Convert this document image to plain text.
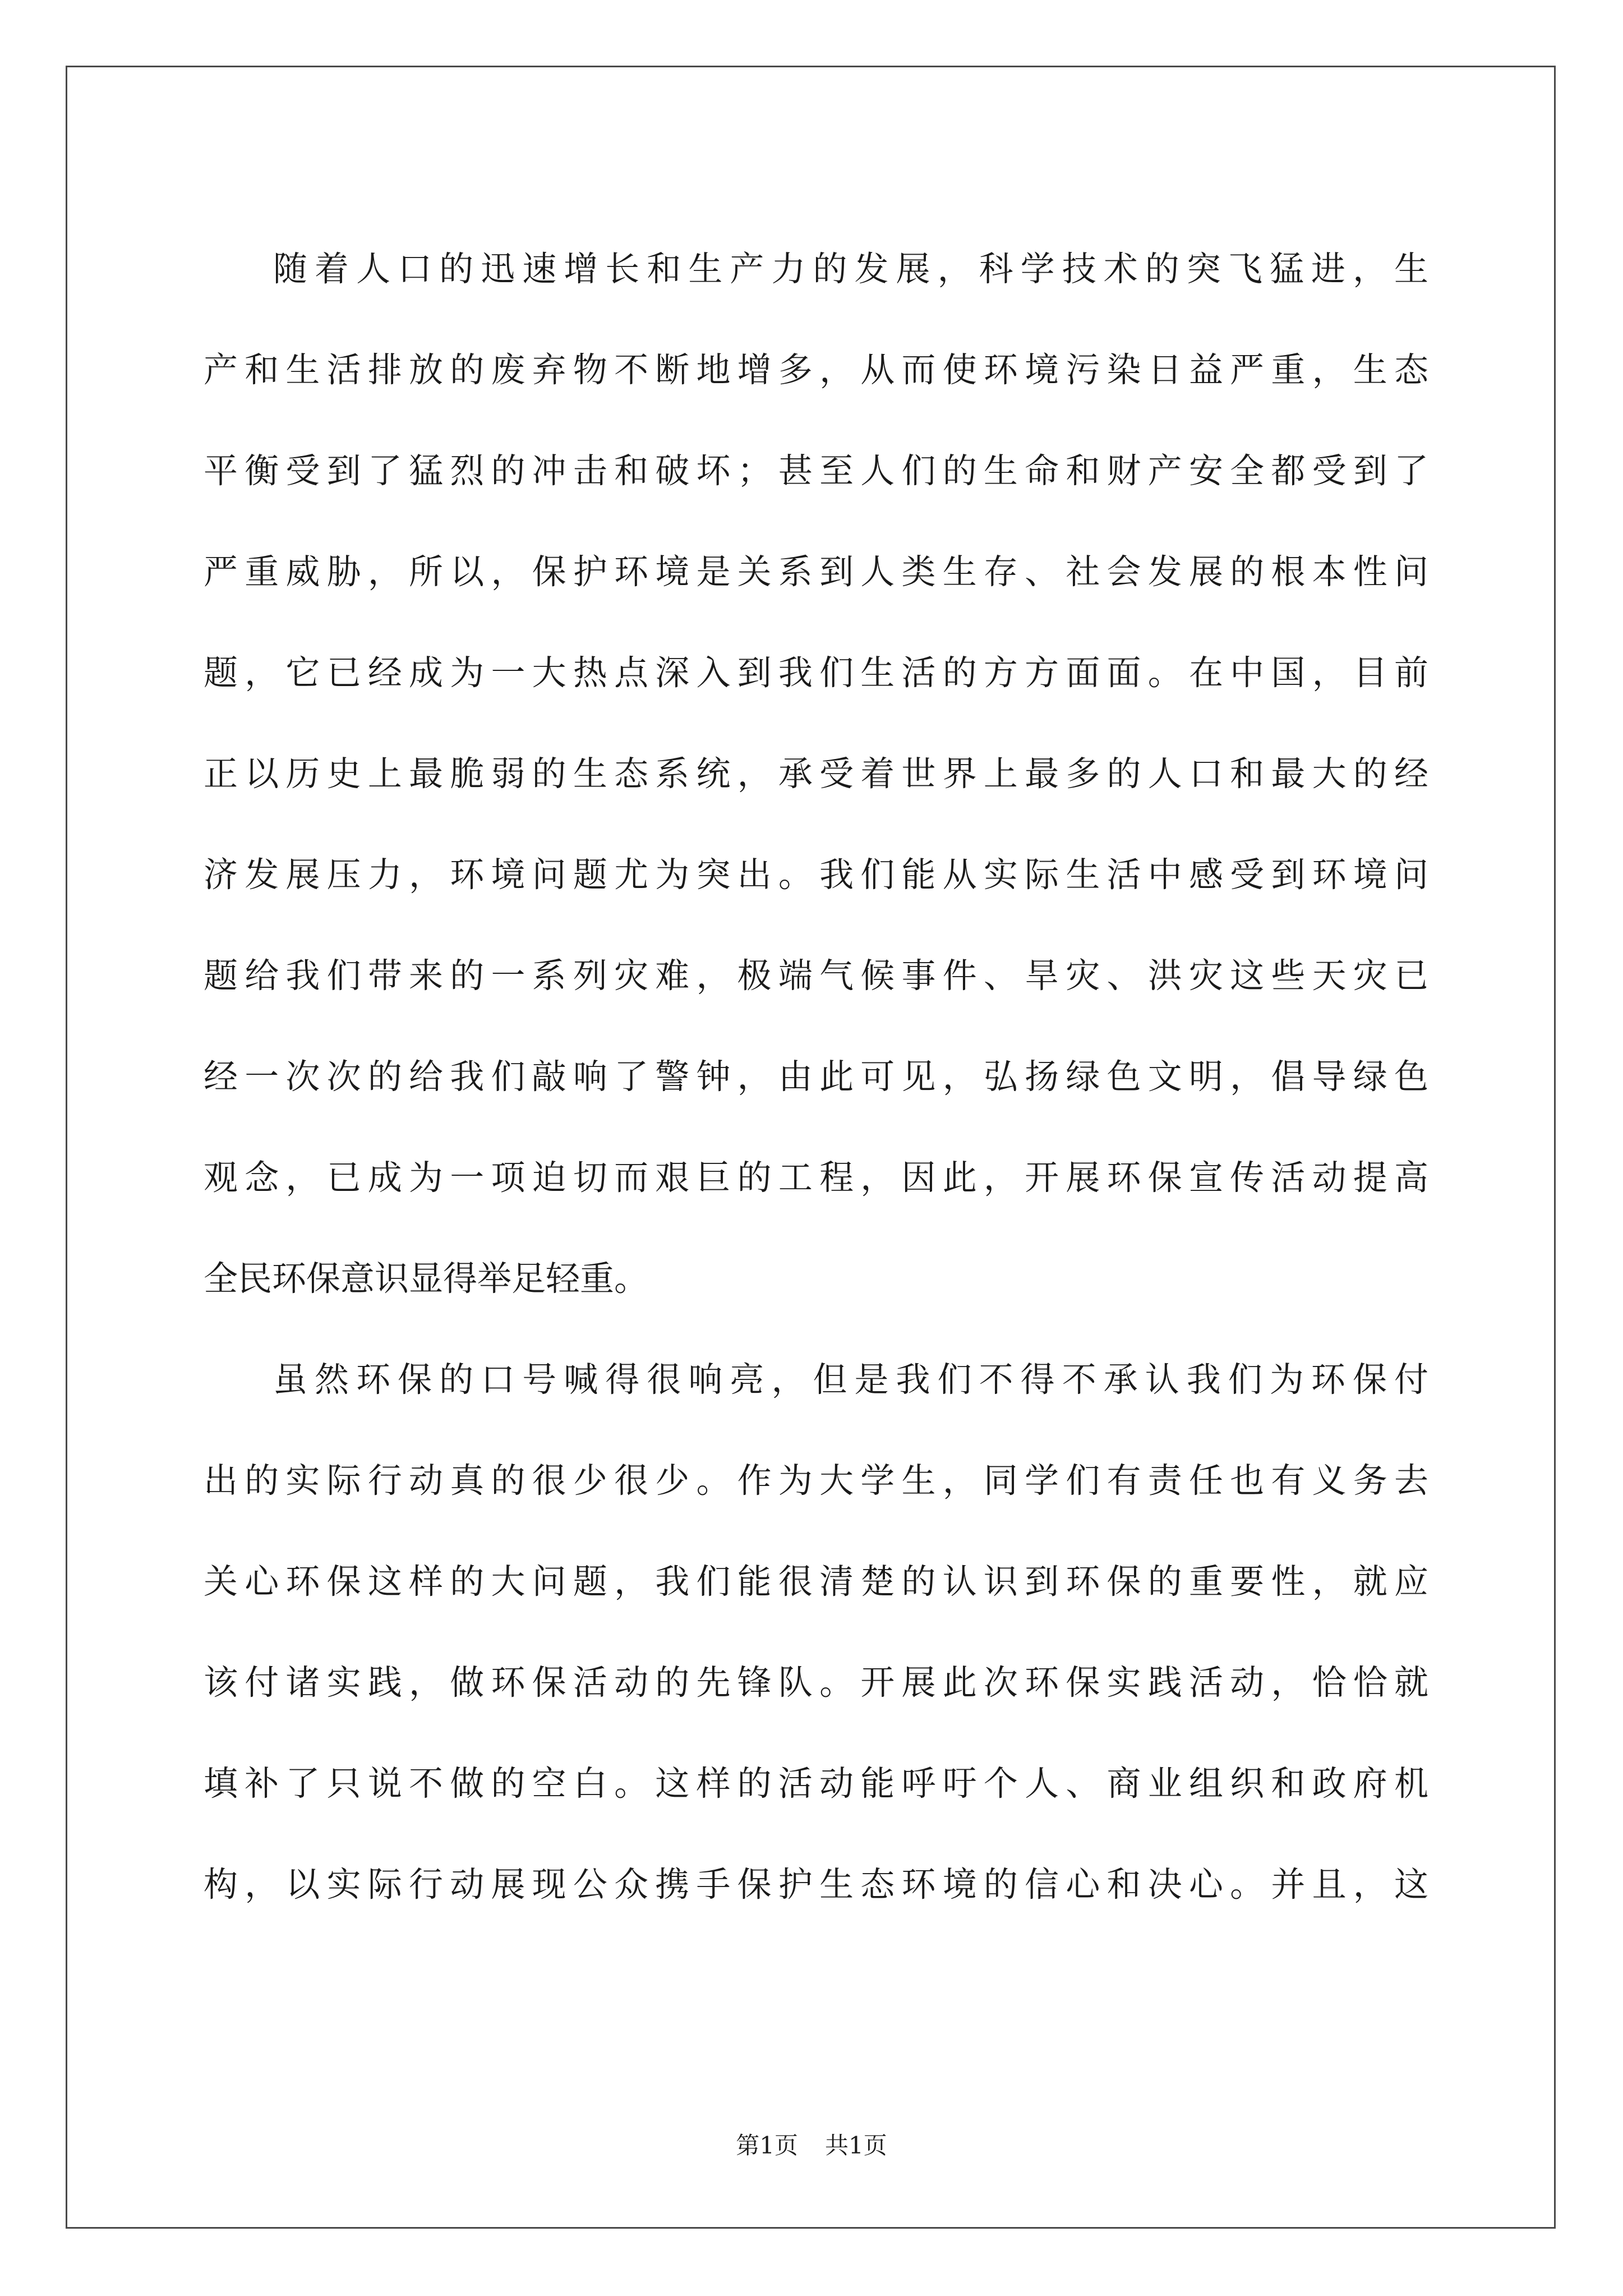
随着人口的迅速增长和生产力的发展，科学技术的突飞猛进，生
产和生活排放的废弃物不断地增多，从而使环境污染日益严重，生态
平衡受到了猛烈的冲击和破坏；甚至人们的生命和财产安全都受到了
严重威胁，所以，保护环境是关系到人类生存、社会发展的根本性问
题，它已经成为一大热点深入到我们生活的方方面面。在中国，目前
正以历史上最脆弱的生态系统，承受着世界上最多的人口和最大的经
济发展压力，环境问题尤为突出。我们能从实际生活中感受到环境问
题给我们带来的一系列灾难，极端气候事件、旱灾、洪灾这些天灾已
经一次次的给我们敲响了警钟，由此可见，弘扬绿色文明，倡导绿色
观念，已成为一项迫切而艰巨的工程，因此，开展环保宣传活动提高
全民环保意识显得举足轻重。
虽然环保的口号喊得很响亮，但是我们不得不承认我们为环保付
出的实际行动真的很少很少。作为大学生，同学们有责任也有义务去
关心环保这样的大问题，我们能很清楚的认识到环保的重要性，就应
该付诸实践，做环保活动的先锋队。开展此次环保实践活动，恰恰就
填补了只说不做的空白。这样的活动能呼吁个人、商业组织和政府机
构，以实际行动展现公众携手保护生态环境的信心和决心。并且，这
第1页 共1页
